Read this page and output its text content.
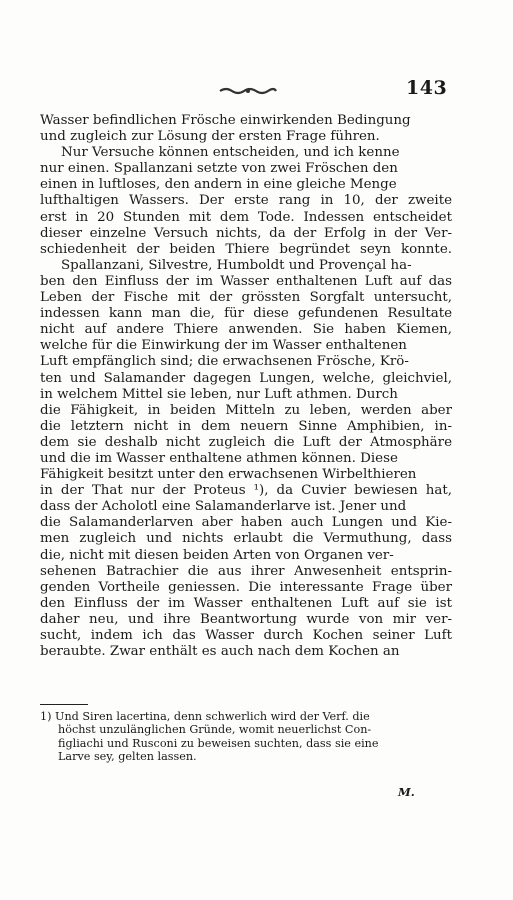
143
Wasser befindlichen Frösche einwirkenden Bedingung
und zugleich zur Lösung der ersten Frage führen.
Nur Versuche können entscheiden, und ich kenne
nur einen. Spallanzani setzte von zwei Fröschen den
einen in luftloses, den andern in eine gleiche Menge
lufthaltigen Wassers. Der erste rang in 10, der zweite
erst in 20 Stunden mit dem Tode. Indessen entscheidet
dieser einzelne Versuch nichts, da der Erfolg in der Ver-
schiedenheit der beiden Thiere begründet seyn konnte.
Spallanzani, Silvestre, Humboldt und Provençal ha-
ben den Einfluss der im Wasser enthaltenen Luft auf das
Leben der Fische mit der grössten Sorgfalt untersucht,
indessen kann man die, für diese gefundenen Resultate
nicht auf andere Thiere anwenden. Sie haben Kiemen,
welche für die Einwirkung der im Wasser enthaltenen
Luft empfänglich sind; die erwachsenen Frösche, Krö-
ten und Salamander dagegen Lungen, welche, gleichviel,
in welchem Mittel sie leben, nur Luft athmen. Durch
die Fähigkeit, in beiden Mitteln zu leben, werden aber
die letztern nicht in dem neuern Sinne Amphibien, in-
dem sie deshalb nicht zugleich die Luft der Atmosphäre
und die im Wasser enthaltene athmen können. Diese
Fähigkeit besitzt unter den erwachsenen Wirbelthieren
in der That nur der Proteus ¹), da Cuvier bewiesen hat,
dass der Acholotl eine Salamanderlarve ist. Jener und
die Salamanderlarven aber haben auch Lungen und Kie-
men zugleich und nichts erlaubt die Vermuthung, dass
die, nicht mit diesen beiden Arten von Organen ver-
sehenen Batrachier die aus ihrer Anwesenheit entsprin-
genden Vortheile geniessen. Die interessante Frage über
den Einfluss der im Wasser enthaltenen Luft auf sie ist
daher neu, und ihre Beantwortung wurde von mir ver-
sucht, indem ich das Wasser durch Kochen seiner Luft
beraubte. Zwar enthält es auch nach dem Kochen an
1) Und Siren lacertina, denn schwerlich wird der Verf. die
höchst unzulänglichen Gründe, womit neuerlichst Con-
figliachi und Rusconi zu beweisen suchten, dass sie eine
Larve sey, gelten lassen.
M.
